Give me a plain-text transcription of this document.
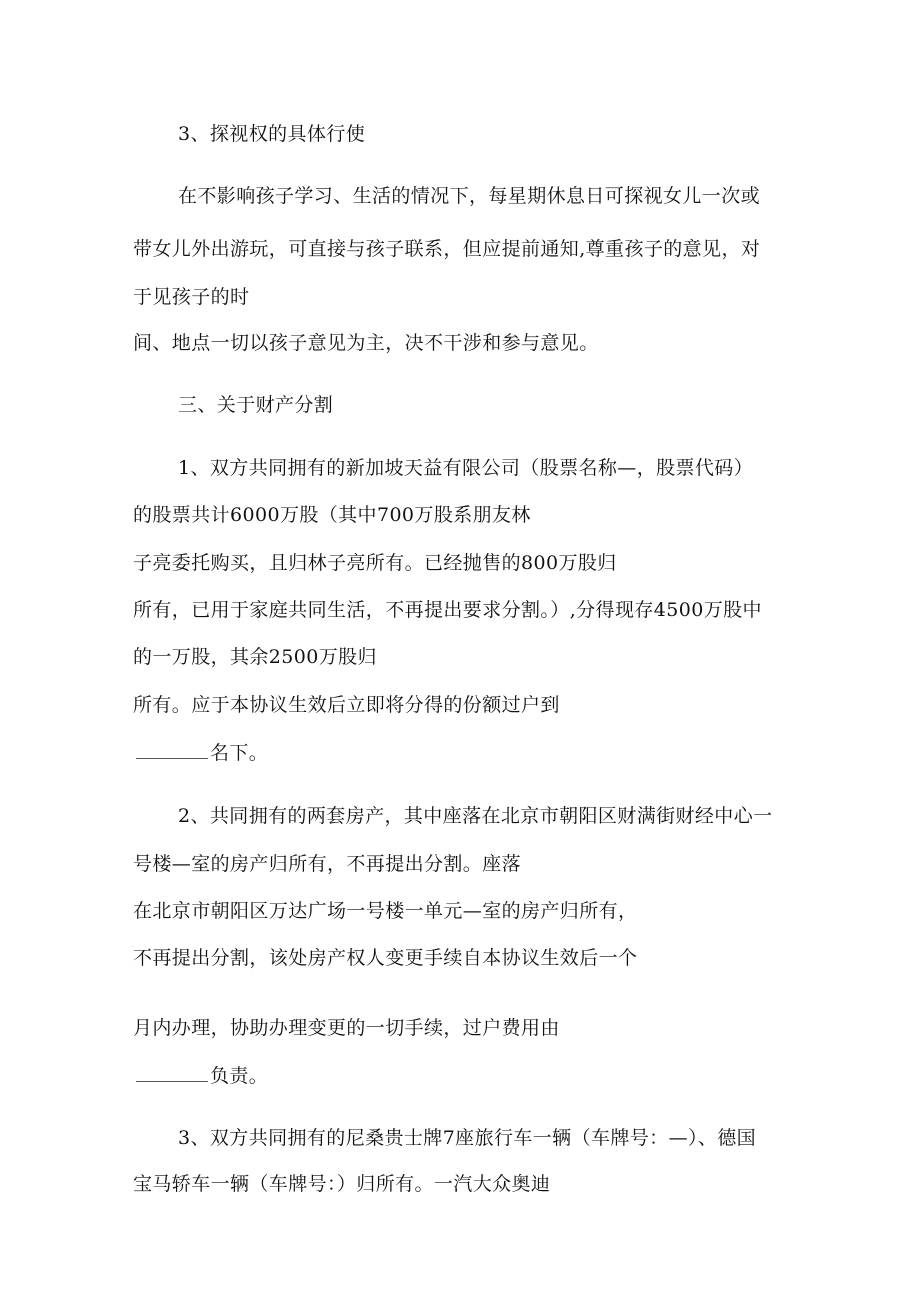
3、探视权的具体行使
在不影响孩子学习、生活的情况下，每星期休息日可探视女儿一次或
带女儿外出游玩，可直接与孩子联系，但应提前通知,尊重孩子的意见，对
于见孩子的时
间、地点一切以孩子意见为主，决不干涉和参与意见。
三、关于财产分割
1、双方共同拥有的新加坡天益有限公司（股票名称—，股票代码）
的股票共计6000万股（其中700万股系朋友林
子亮委托购买，且归林子亮所有。已经抛售的800万股归
所有，已用于家庭共同生活，不再提出要求分割。）,分得现存4500万股中
的一万股，其余2500万股归
所有。应于本协议生效后立即将分得的份额过户到
名下。
2、共同拥有的两套房产，其中座落在北京市朝阳区财满街财经中心一
号楼—室的房产归所有，不再提出分割。座落
在北京市朝阳区万达广场一号楼一单元—室的房产归所有，
不再提出分割，该处房产权人变更手续自本协议生效后一个
月内办理，协助办理变更的一切手续，过户费用由
负责。
3、双方共同拥有的尼桑贵士牌7座旅行车一辆（车牌号：—）、德国
宝马轿车一辆（车牌号：）归所有。一汽大众奥迪
